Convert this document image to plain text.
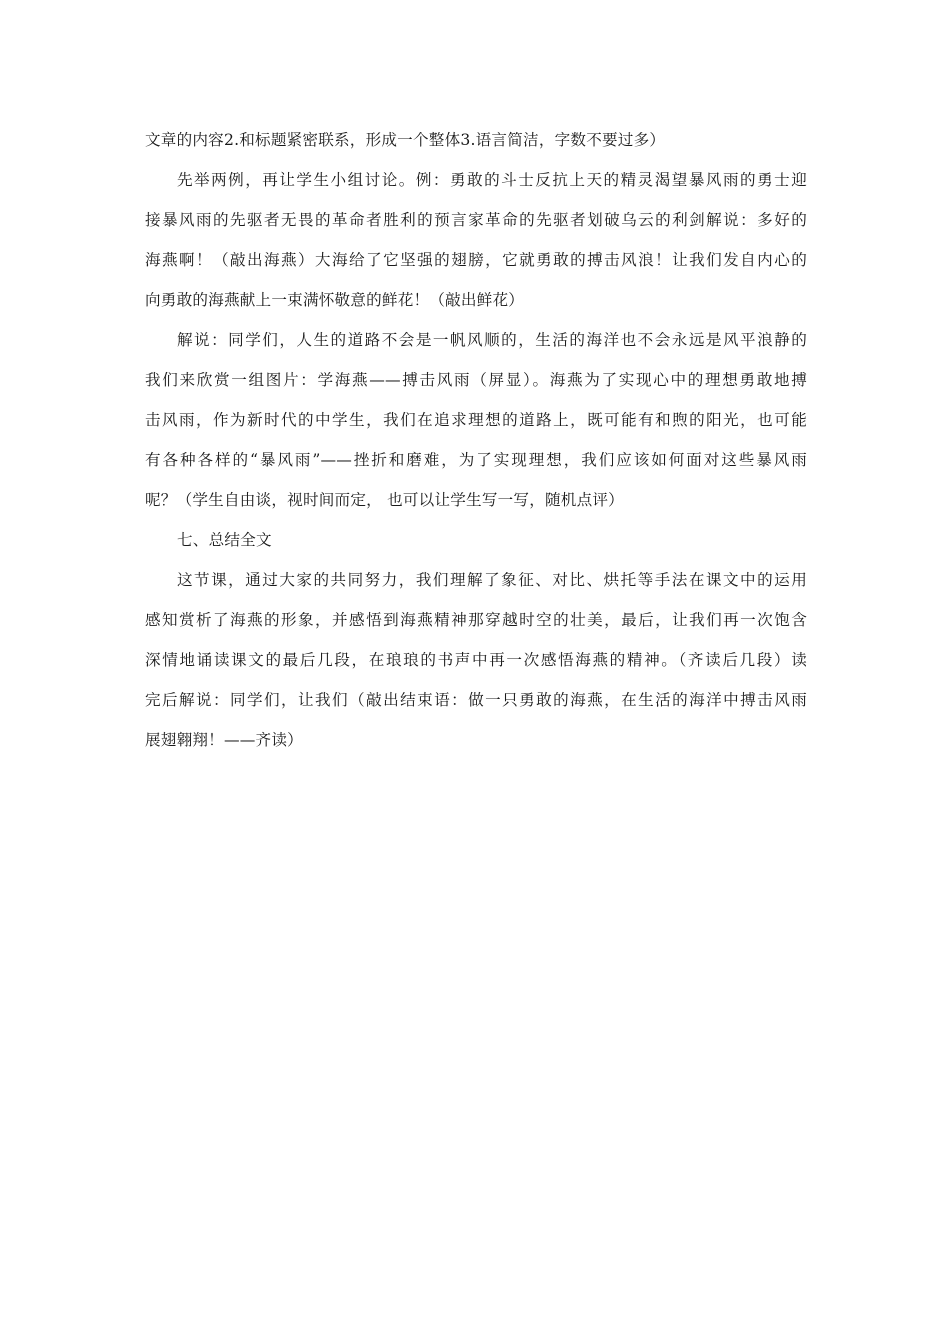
文章的内容2.和标题紧密联系，形成一个整体3.语言简洁，字数不要过多）
先举两例，再让学生小组讨论。例：勇敢的斗士反抗上天的精灵渴望暴风雨的勇士迎
接暴风雨的先驱者无畏的革命者胜利的预言家革命的先驱者划破乌云的利剑解说：多好的
海燕啊！（敲出海燕）大海给了它坚强的翅膀，它就勇敢的搏击风浪！让我们发自内心的
向勇敢的海燕献上一束满怀敬意的鲜花！（敲出鲜花）
解说：同学们，人生的道路不会是一帆风顺的，生活的海洋也不会永远是风平浪静的
我们来欣赏一组图片：学海燕——搏击风雨（屏显）。海燕为了实现心中的理想勇敢地搏
击风雨，作为新时代的中学生，我们在追求理想的道路上，既可能有和煦的阳光，也可能
有各种各样的“暴风雨”——挫折和磨难，为了实现理想，我们应该如何面对这些暴风雨
呢？（学生自由谈，视时间而定， 也可以让学生写一写，随机点评）
七、总结全文
这节课，通过大家的共同努力，我们理解了象征、对比、烘托等手法在课文中的运用
感知赏析了海燕的形象，并感悟到海燕精神那穿越时空的壮美，最后，让我们再一次饱含
深情地诵读课文的最后几段，在琅琅的书声中再一次感悟海燕的精神。（齐读后几段）读
完后解说：同学们，让我们（敲出结束语：做一只勇敢的海燕，在生活的海洋中搏击风雨
展翅翱翔！——齐读）
